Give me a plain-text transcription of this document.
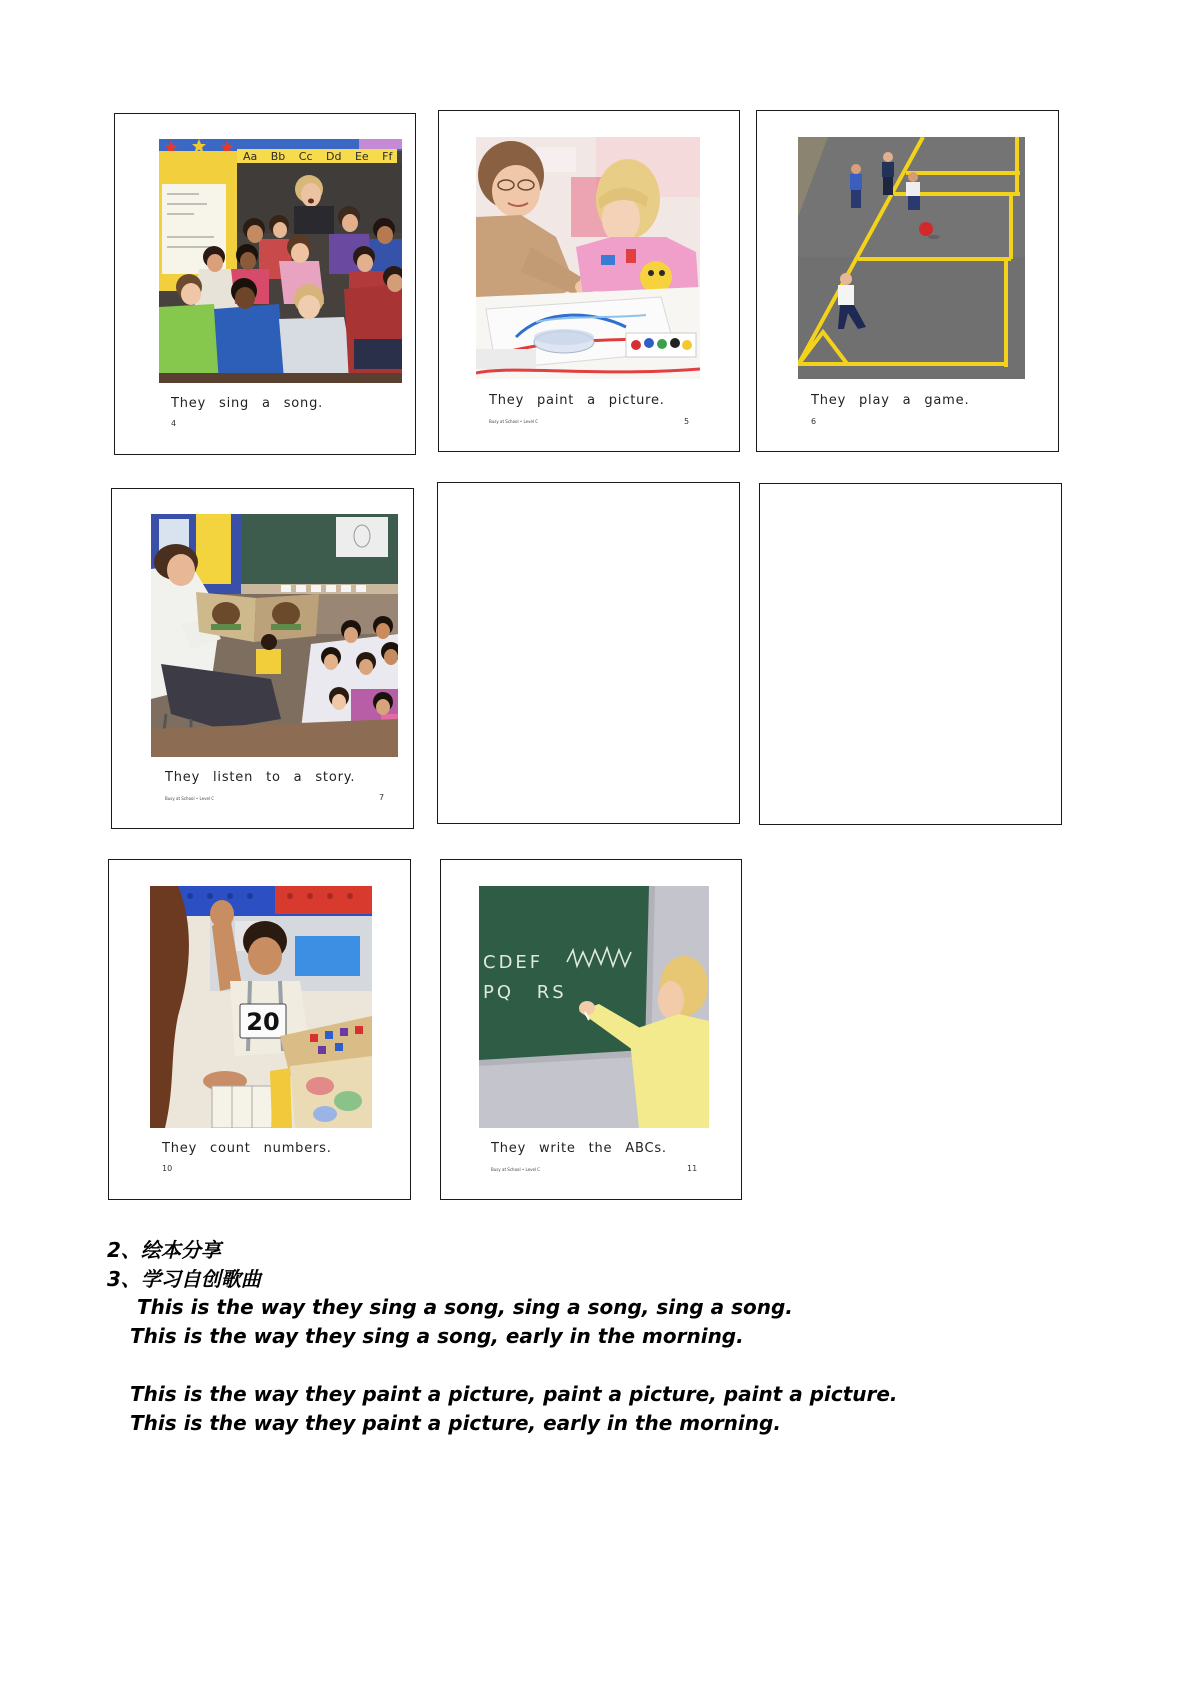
Aa Bb Cc Dd Ee Ff
They sing a song.
4
They paint a picture.
Busy at School • Level C	5
They play a game.
6
They listen to a story.
Busy at School • Level C	7
20
They count numbers.
10
CDEF
PQ RS
They write the ABCs.
Busy at School • Level C	11
2、绘本分享
3、学习自创歌曲
This is the way they sing a song, sing a song, sing a song.
This is the way they sing a song, early in the morning.
This is the way they paint a picture, paint a picture, paint a picture.
This is the way they paint a picture, early in the morning.
